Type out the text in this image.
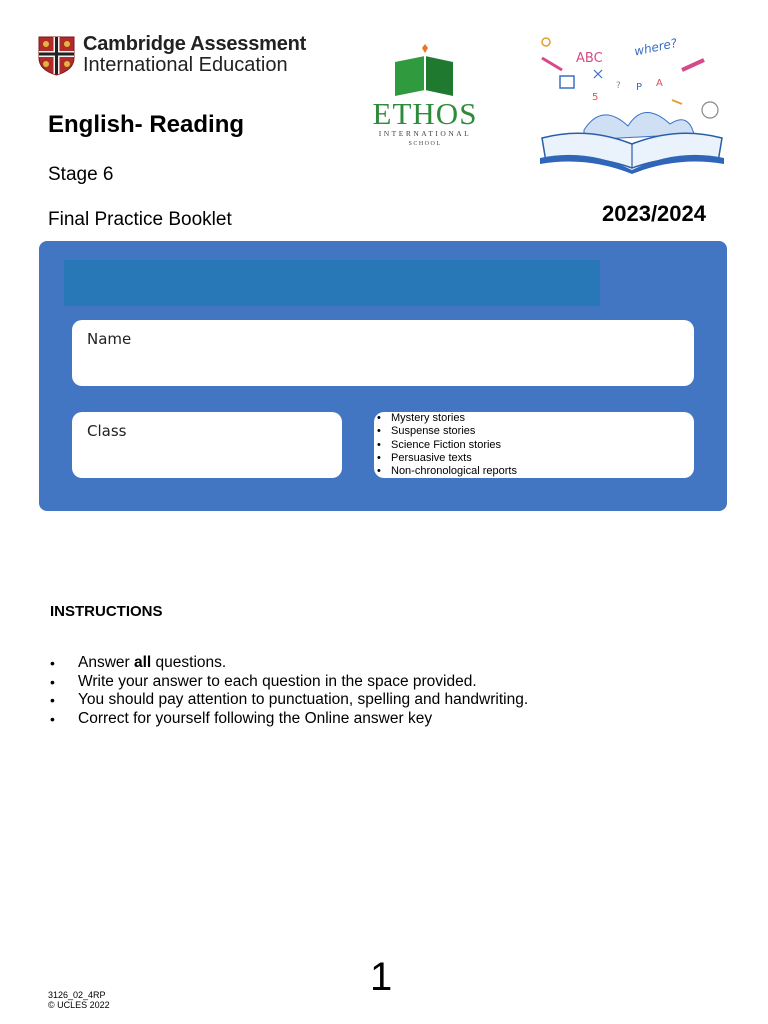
Cambridge Assessment
International Education
ETHOS
INTERNATIONAL
SCHOOL
ABC	where?
5
? P A
English- Reading
Stage 6
Final Practice Booklet	2023/2024
Name
Class
• Mystery stories
• Suspense stories
• Science Fiction stories
• Persuasive texts
• Non-chronological reports
INSTRUCTIONS
• Answer all questions.
• Write your answer to each question in the space provided.
• You should pay attention to punctuation, spelling and handwriting.
• Correct for yourself following the Online answer key
1
3126_02_4RP
© UCLES 2022
